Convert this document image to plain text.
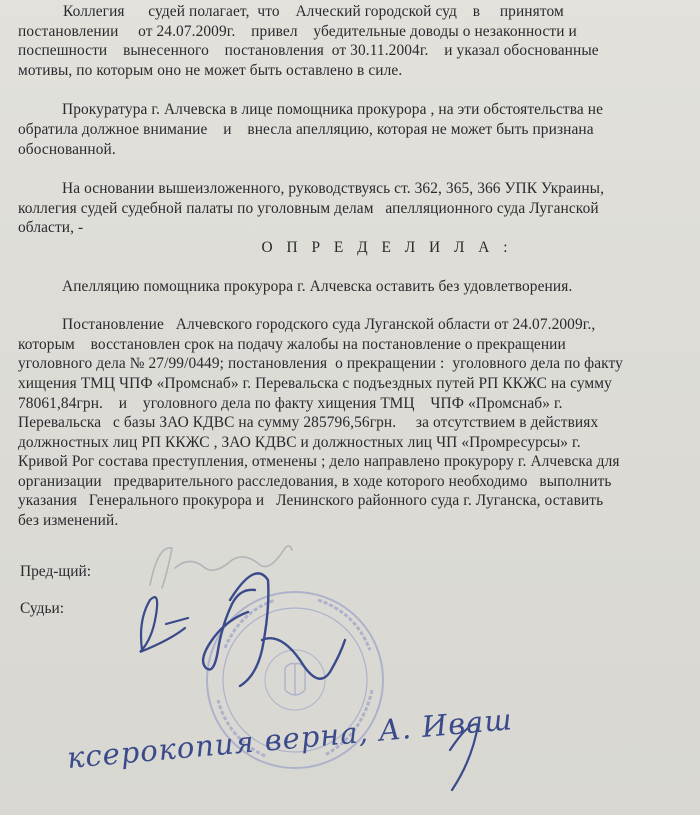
Коллегия      судей полагает,  что    Алческий городской суд    в     принятом
постановлении     от 24.07.2009г.    привел    убедительные доводы о незаконности и
поспешности    вынесенного    постановления  от 30.11.2004г.    и указал обоснованные
мотивы, по которым оно не может быть оставлено в силе.
Прокуратура г. Алчевска в лице помощника прокурора , на эти обстоятельства не
обратила должное внимание    и    внесла апелляцию, которая не может быть признана
обоснованной.
На основании вышеизложенного, руководствуясь ст. 362, 365, 366 УПК Украины,
коллегия судей судебной палаты по уголовным делам   апелляционного суда Луганской
области, -
О П Р Е Д Е Л И Л А :
Апелляцию помощника прокурора г. Алчевска оставить без удовлетворения.
Постановление   Алчевского городского суда Луганской области от 24.07.2009г.,
которым    восстановлен срок на подачу жалобы на постановление о прекращении
уголовного дела № 27/99/0449; постановления  о прекращении :  уголовного дела по факту
хищения ТМЦ ЧПФ «Промснаб» г. Перевальска с подъездных путей РП ККЖС на сумму
78061,84грн.    и    уголовного дела по факту хищения ТМЦ    ЧПФ «Промснаб» г.
Перевальска   с базы ЗАО КДВС на сумму 285796,56грн.     за отсутствием в действиях
должностных лиц РП ККЖС , ЗАО КДВС и должностных лиц ЧП «Промресурсы» г.
Кривой Рог состава преступления, отменены ; дело направлено прокурору г. Алчевска для
организации   предварительного расследования, в ходе которого необходимо   выполнить
указания   Генерального прокурора и   Ленинского районного суда г. Луганска, оставить
без изменений.
Пред-щий:
Судьи:
ксерокопия верна, А. Иваш
